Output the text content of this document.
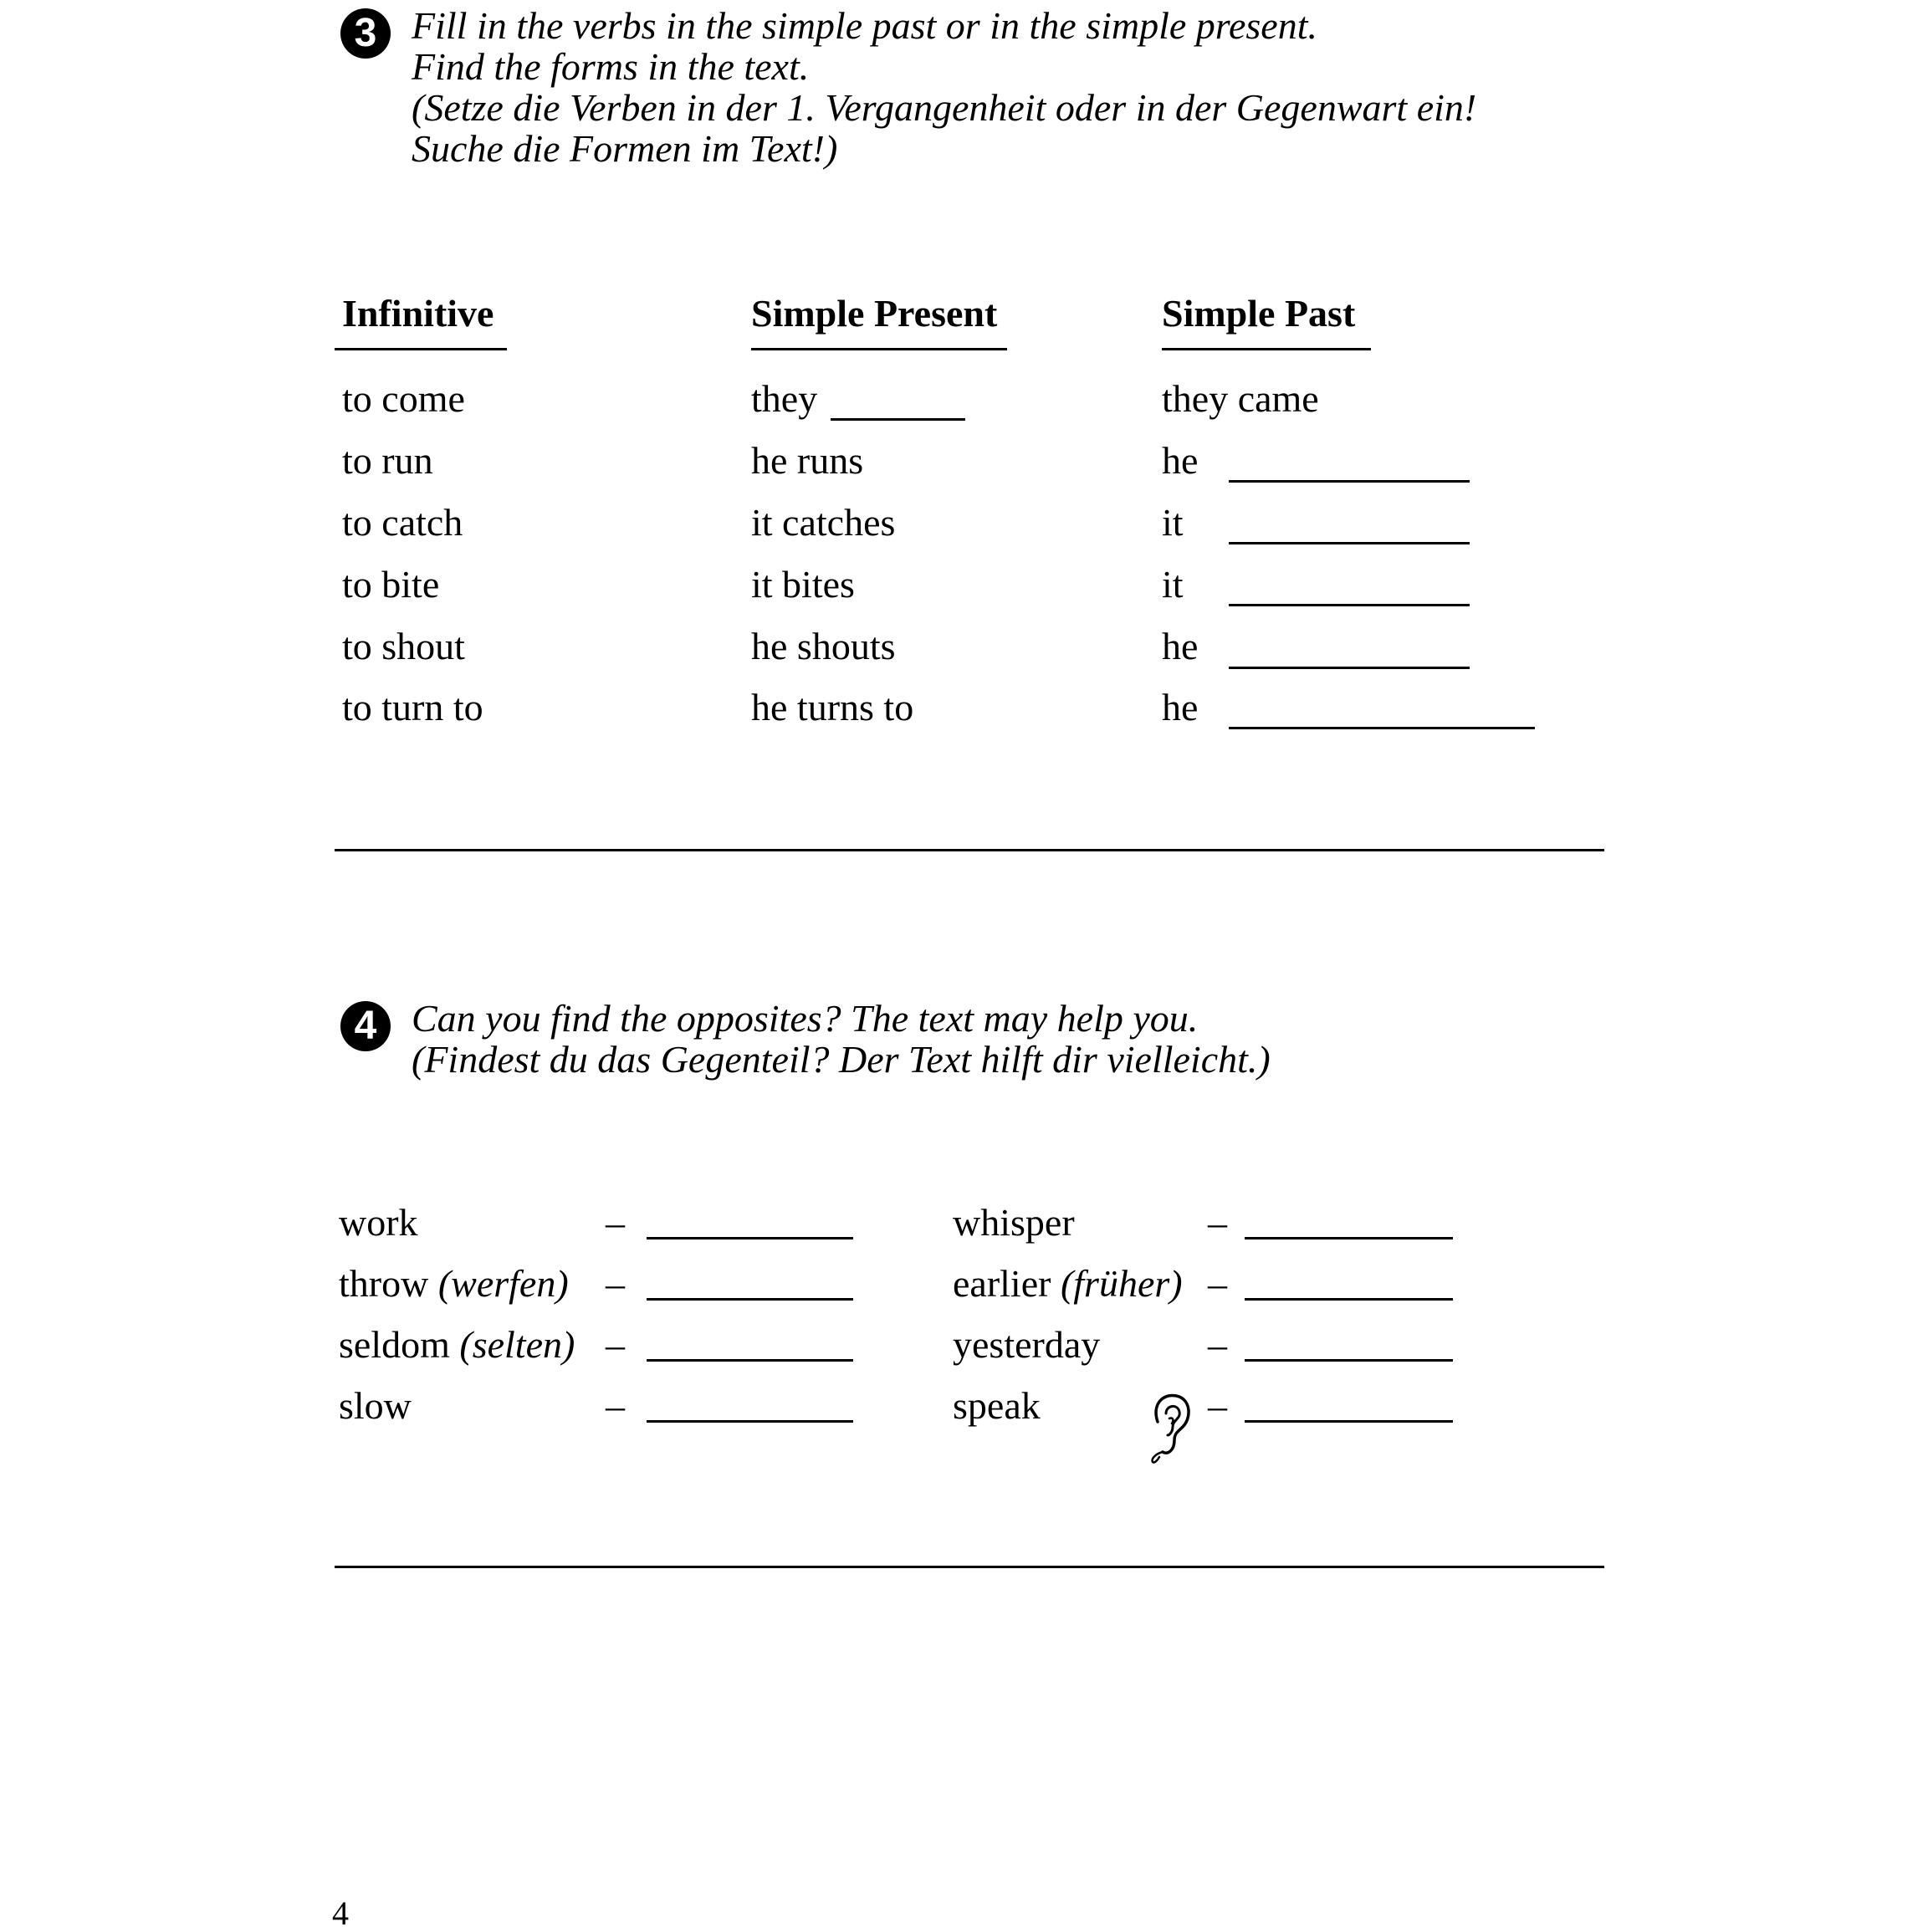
3 Fill in the verbs in the simple past or in the simple present.
Find the forms in the text.
(Setze die Verben in der 1. Vergangenheit oder in der Gegenwart ein!
Suche die Formen im Text!)
Infinitive	Simple Present	Simple Past
to come	they	they came
to run	he runs	he
to catch	it catches	it
to bite	it bites	it
to shout	he shouts	he
to turn to	he turns to	he
4 Can you find the opposites? The text may help you.
(Findest du das Gegenteil? Der Text hilft dir vielleicht.)
work	–
throw (werfen) –
seldom (selten) –
slow	–
whisper	–
earlier (früher) –
yesterday	–
speak	–
4
